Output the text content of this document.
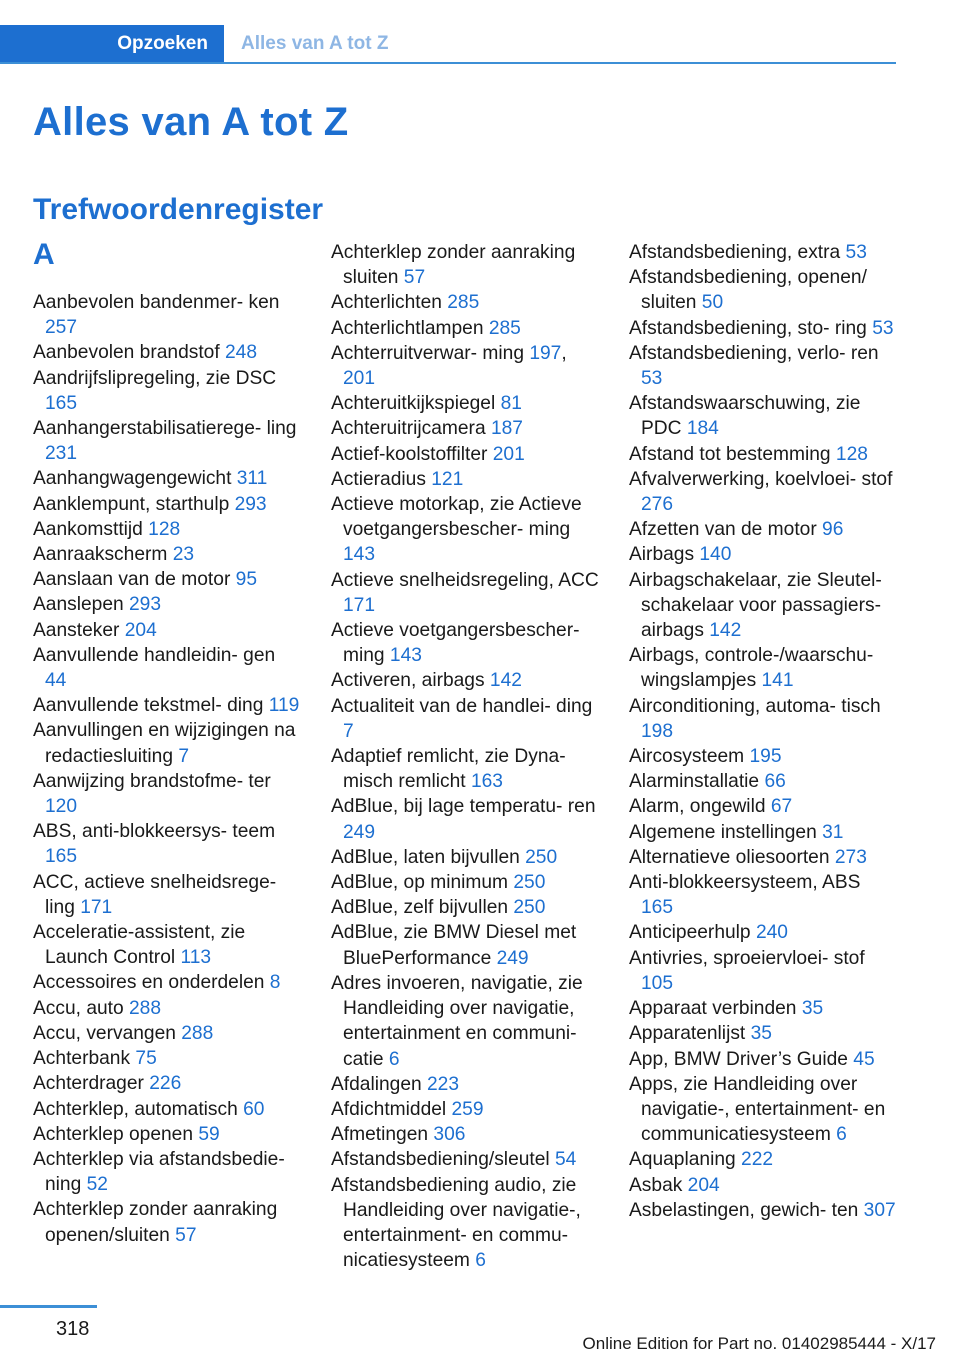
Opzoeken	Alles van A tot Z
Alles van A tot Z
Trefwoordenregister
A
Aanbevolen bandenmer‐ ken 257
Aanbevolen brandstof 248
Aandrijfslipregeling, zie DSC 165
Aanhangerstabilisatierege‐ ling 231
Aanhangwagengewicht 311
Aanklempunt, starthulp 293
Aankomsttijd 128
Aanraakscherm 23
Aanslaan van de motor 95
Aanslepen 293
Aansteker 204
Aanvullende handleidin‐ gen 44
Aanvullende tekstmel‐ ding 119
Aanvullingen en wijzigingen na redactiesluiting 7
Aanwijzing brandstofme‐ ter 120
ABS, anti-blokkeersys‐ teem 165
ACC, actieve snelheidsrege‐ ling 171
Acceleratie-assistent, zie Launch Control 113
Accessoires en onderdelen 8
Accu, auto 288
Accu, vervangen 288
Achterbank 75
Achterdrager 226
Achterklep, automatisch 60
Achterklep openen 59
Achterklep via afstandsbedie‐ ning 52
Achterklep zonder aanraking openen/sluiten 57
Achterklep zonder aanraking sluiten 57
Achterlichten 285
Achterlichtlampen 285
Achterruitverwar‐ ming 197, 201
Achteruitkijkspiegel 81
Achteruitrijcamera 187
Actief-koolstoffilter 201
Actieradius 121
Actieve motorkap, zie Actieve voetgangersbescher‐ ming 143
Actieve snelheidsregeling, ACC 171
Actieve voetgangersbescher‐ ming 143
Activeren, airbags 142
Actualiteit van de handlei‐ ding 7
Adaptief remlicht, zie Dyna‐ misch remlicht 163
AdBlue, bij lage temperatu‐ ren 249
AdBlue, laten bijvullen 250
AdBlue, op minimum 250
AdBlue, zelf bijvullen 250
AdBlue, zie BMW Diesel met BluePerformance 249
Adres invoeren, navigatie, zie Handleiding over navigatie, entertainment en communi‐ catie 6
Afdalingen 223
Afdichtmiddel 259
Afmetingen 306
Afstandsbediening/sleutel 54
Afstandsbediening audio, zie Handleiding over navigatie-, entertainment- en commu‐ nicatiesysteem 6
Afstandsbediening, extra 53
Afstandsbediening, openen/ sluiten 50
Afstandsbediening, sto‐ ring 53
Afstandsbediening, verlo‐ ren 53
Afstandswaarschuwing, zie PDC 184
Afstand tot bestemming 128
Afvalverwerking, koelvloei‐ stof 276
Afzetten van de motor 96
Airbags 140
Airbagschakelaar, zie Sleutel‐ schakelaar voor passagiers‐ airbags 142
Airbags, controle-/waarschu‐ wingslampjes 141
Airconditioning, automa‐ tisch 198
Aircosysteem 195
Alarminstallatie 66
Alarm, ongewild 67
Algemene instellingen 31
Alternatieve oliesoorten 273
Anti-blokkeersysteem, ABS 165
Anticipeerhulp 240
Antivries, sproeiervloei‐ stof 105
Apparaat verbinden 35
Apparatenlijst 35
App, BMW Driver’s Guide 45
Apps, zie Handleiding over navigatie-, entertainment- en communicatiesysteem 6
Aquaplaning 222
Asbak 204
Asbelastingen, gewich‐ ten 307
318
Online Edition for Part no. 01402985444 - X/17
